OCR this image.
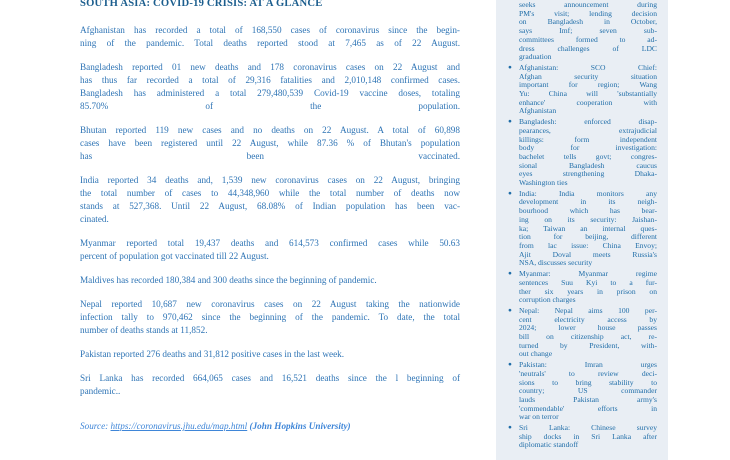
SOUTH ASIA: COVID-19 CRISIS: AT A GLANCE
Afghanistan has recorded a total of 168,550 cases of coronavirus since the begin-
ning of the pandemic. Total deaths reported stood at 7,465 as of 22 August.
Bangladesh reported 01 new deaths and 178 coronavirus cases on 22 August and
has thus far recorded a total of 29,316 fatalities and 2,010,148 confirmed cases.
Bangladesh has administered a total 279,480,539 Covid-19 vaccine doses, totaling
85.70% of the population.
Bhutan reported 119 new cases and no deaths on 22 August. A total of 60,898
cases have been registered until 22 August, while 87.36 % of Bhutan's population
has been vaccinated.
India reported 34 deaths and, 1,539 new coronavirus cases on 22 August, bringing
the total number of cases to 44,348,960 while the total number of deaths now
stands at 527,368. Until 22 August, 68.08% of Indian population has been vac-
cinated.
Myanmar reported total 19,437 deaths and 614,573 confirmed cases while 50.63
percent of population got vaccinated till 22 August.
Maldives has recorded 180,384 and 300 deaths since the beginning of pandemic.
Nepal reported 10,687 new coronavirus cases on 22 August taking the nationwide
infection tally to 970,462 since the beginning of the pandemic. To date, the total
number of deaths stands at 11,852.
Pakistan reported 276 deaths and 31,812 positive cases in the last week.
Sri Lanka has recorded 664,065 cases and 16,521 deaths since the l beginning of
pandemic..
Source: https://coronavirus.jhu.edu/map.html (John Hopkins University)
seeks announcement during
PM's visit; lending decision
on Bangladesh in October,
says Imf; seven sub-
committees formed to ad-
dress challenges of LDC
graduation
● Afghanistan: SCO Chief:
Afghan security situation
important for region; Wang
Yu: China will 'substantially
enhance' cooperation with
Afghanistan
● Bangladesh: enforced disap-
pearances, extrajudicial
killings: form independent
body for investigation:
bachelet tells govt; congres-
sional Bangladesh caucus
eyes strengthening Dhaka-
Washington ties
● India: India monitors any
development in its neigh-
bourhood which has bear-
ing on its security: Jaishan-
ka; Taiwan an internal ques-
tion for beijing, different
from lac issue: China Envoy;
Ajit Doval meets Russia's
NSA, discusses security
● Myanmar: Myanmar regime
sentences Suu Kyi to a fur-
ther six years in prison on
corruption charges
● Nepal: Nepal aims 100 per-
cent electricity access by
2024; lower house passes
bill on citizenship act, re-
turned by President, with-
out change
● Pakistan: Imran urges
'neutrals' to review deci-
sions to bring stability to
country; US commander
lauds Pakistan army's
'commendable' efforts in
war on terror
● Sri Lanka: Chinese survey
ship docks in Sri Lanka after
diplomatic standoff
